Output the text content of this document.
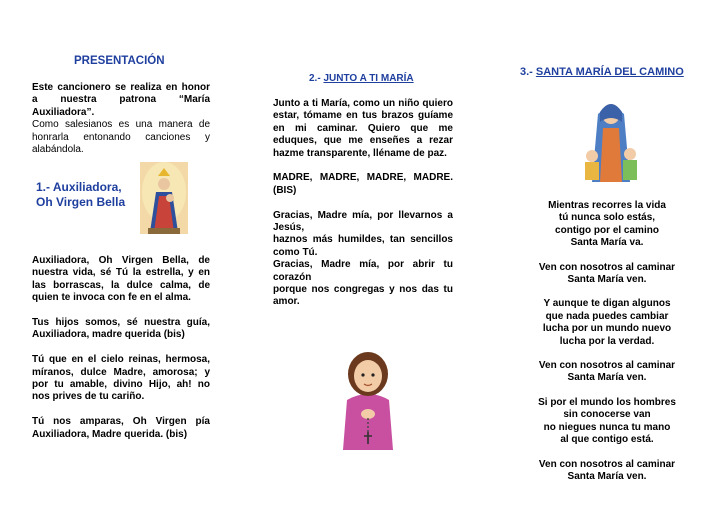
PRESENTACIÓN

Este cancionero se realiza en honor a nuestra patrona “María Auxiliadora”.

Como salesianos es una manera de honrarla entonando canciones y alabándola.

1.- Auxiliadora,
Oh Virgen Bella

Auxiliadora, Oh Virgen Bella, de nuestra vida, sé Tú la estrella, y en las borrascas, la dulce calma, de quien te invoca con fe en el alma.

Tus hijos somos, sé nuestra guía, Auxiliadora, madre querida (bis)

Tú que en el cielo reinas, hermosa, míranos, dulce Madre, amorosa; y por tu amable, divino Hijo, ah! no nos prives de tu cariño.

Tú nos amparas, Oh Virgen pía Auxiliadora, Madre querida. (bis)

2.- JUNTO A TI MARÍA

Junto a ti María, como un niño quiero estar, tómame en tus brazos guíame en mi caminar. Quiero que me eduques, que me enseñes a rezar hazme transparente, lléname de paz.

MADRE, MADRE, MADRE, MADRE. (BIS)

Gracias, Madre mía, por llevarnos a Jesús,
haznos más humildes, tan sencillos como Tú.
Gracias, Madre mía, por abrir tu corazón
porque nos congregas y nos das tu amor.
3.- SANTA MARÍA DEL CAMINO

Mientras recorres la vida
tú nunca solo estás,
contigo por el camino
Santa María va.

Ven con nosotros al caminar
Santa María ven.

Y aunque te digan algunos
que nada puedes cambiar
lucha por un mundo nuevo
lucha por la verdad.

Ven con nosotros al caminar
Santa María ven.

Si por el mundo los hombres
sin conocerse van
no niegues nunca tu mano
al que contigo está.

Ven con nosotros al caminar
Santa María ven.
